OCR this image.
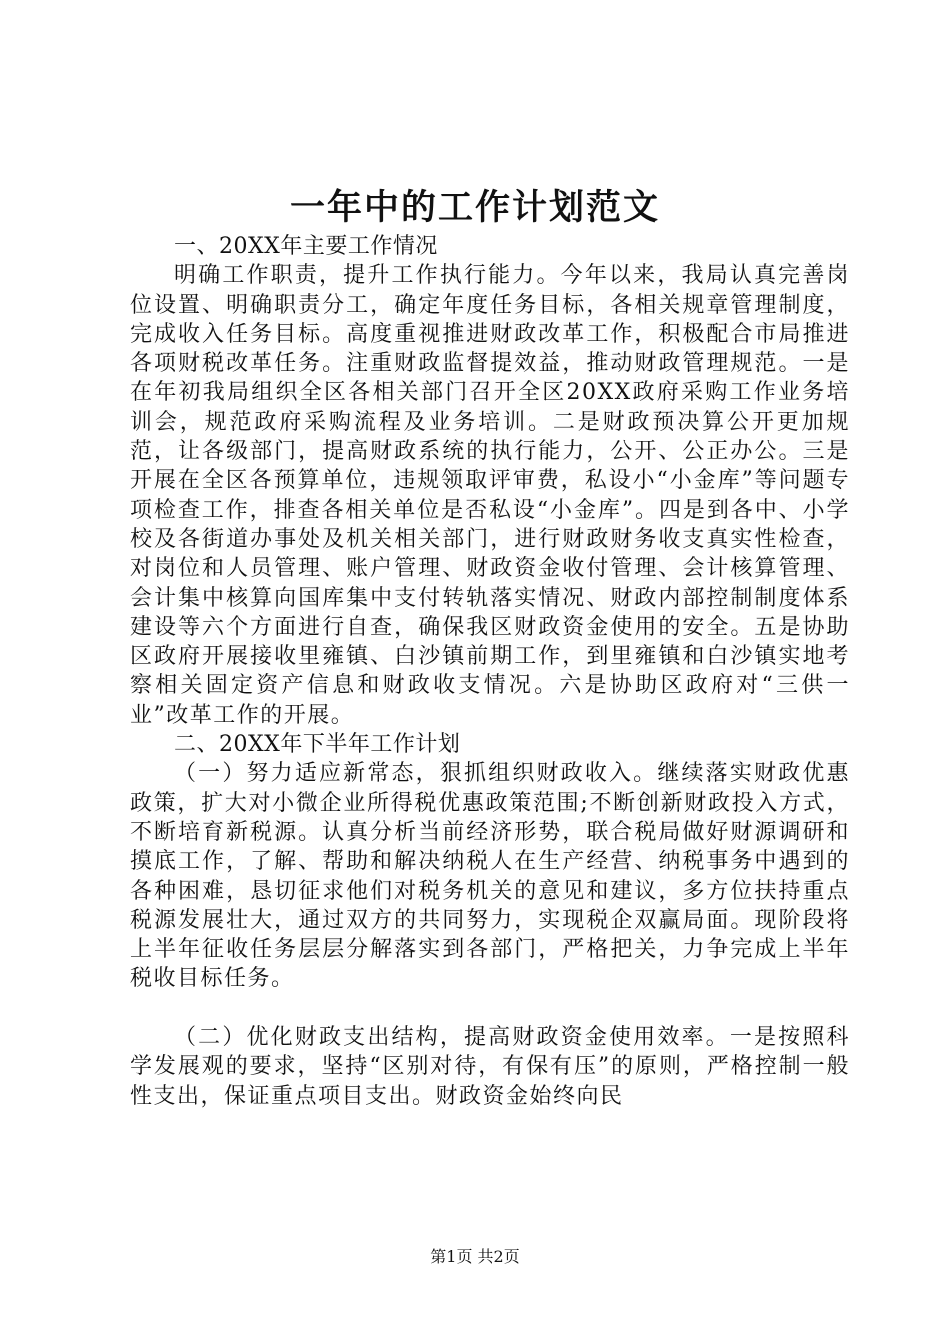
一年中的工作计划范文

一、20XX年主要工作情况

明确工作职责，提升工作执行能力。今年以来，我局认真完善岗位设置、明确职责分工，确定年度任务目标，各相关规章管理制度，完成收入任务目标。高度重视推进财政改革工作，积极配合市局推进各项财税改革任务。注重财政监督提效益，推动财政管理规范。一是在年初我局组织全区各相关部门召开全区20XX政府采购工作业务培训会，规范政府采购流程及业务培训。二是财政预决算公开更加规范，让各级部门，提高财政系统的执行能力，公开、公正办公。三是开展在全区各预算单位，违规领取评审费，私设小“小金库”等问题专项检查工作，排查各相关单位是否私设“小金库”。四是到各中、小学校及各街道办事处及机关相关部门，进行财政财务收支真实性检查，对岗位和人员管理、账户管理、财政资金收付管理、会计核算管理、会计集中核算向国库集中支付转轨落实情况、财政内部控制制度体系建设等六个方面进行自查，确保我区财政资金使用的安全。五是协助区政府开展接收里雍镇、白沙镇前期工作，到里雍镇和白沙镇实地考察相关固定资产信息和财政收支情况。六是协助区政府对“三供一业”改革工作的开展。

二、20XX年下半年工作计划

（一）努力适应新常态，狠抓组织财政收入。继续落实财政优惠政策，扩大对小微企业所得税优惠政策范围;不断创新财政投入方式，不断培育新税源。认真分析当前经济形势，联合税局做好财源调研和摸底工作，了解、帮助和解决纳税人在生产经营、纳税事务中遇到的各种困难，恳切征求他们对税务机关的意见和建议，多方位扶持重点税源发展壮大，通过双方的共同努力，实现税企双赢局面。现阶段将上半年征收任务层层分解落实到各部门，严格把关，力争完成上半年税收目标任务。

（二）优化财政支出结构，提高财政资金使用效率。一是按照科学发展观的要求，坚持“区别对待，有保有压”的原则，严格控制一般性支出，保证重点项目支出。财政资金始终向民

第1页 共2页
